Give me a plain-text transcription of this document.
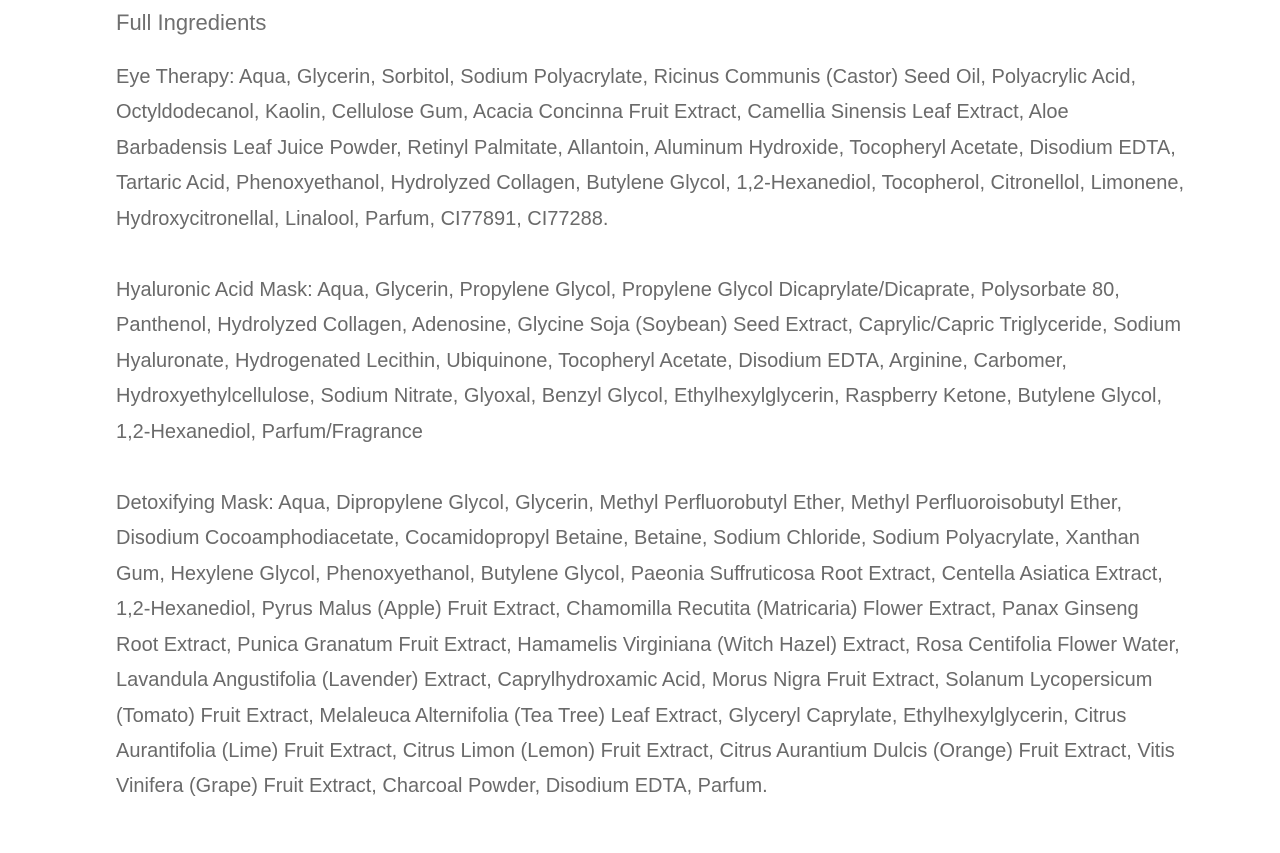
Full Ingredients

Eye Therapy: Aqua, Glycerin, Sorbitol, Sodium Polyacrylate, Ricinus Communis (Castor) Seed Oil, Polyacrylic Acid, Octyldodecanol, Kaolin, Cellulose Gum, Acacia Concinna Fruit Extract, Camellia Sinensis Leaf Extract, Aloe Barbadensis Leaf Juice Powder, Retinyl Palmitate, Allantoin, Aluminum Hydroxide, Tocopheryl Acetate, Disodium EDTA, Tartaric Acid, Phenoxyethanol, Hydrolyzed Collagen, Butylene Glycol, 1,2-Hexanediol, Tocopherol, Citronellol, Limonene, Hydroxycitronellal, Linalool, Parfum, CI77891, CI77288.

Hyaluronic Acid Mask: Aqua, Glycerin, Propylene Glycol, Propylene Glycol Dicaprylate/Dicaprate, Polysorbate 80, Panthenol, Hydrolyzed Collagen, Adenosine, Glycine Soja (Soybean) Seed Extract, Caprylic/Capric Triglyceride, Sodium Hyaluronate, Hydrogenated Lecithin, Ubiquinone, Tocopheryl Acetate, Disodium EDTA, Arginine, Carbomer, Hydroxyethylcellulose, Sodium Nitrate, Glyoxal, Benzyl Glycol, Ethylhexylglycerin, Raspberry Ketone, Butylene Glycol, 1,2-Hexanediol, Parfum/Fragrance

Detoxifying Mask: Aqua, Dipropylene Glycol, Glycerin, Methyl Perfluorobutyl Ether, Methyl Perfluoroisobutyl Ether, Disodium Cocoamphodiacetate, Cocamidopropyl Betaine, Betaine, Sodium Chloride, Sodium Polyacrylate, Xanthan Gum, Hexylene Glycol, Phenoxyethanol, Butylene Glycol, Paeonia Suffruticosa Root Extract, Centella Asiatica Extract, 1,2-Hexanediol, Pyrus Malus (Apple) Fruit Extract, Chamomilla Recutita (Matricaria) Flower Extract, Panax Ginseng Root Extract, Punica Granatum Fruit Extract, Hamamelis Virginiana (Witch Hazel) Extract, Rosa Centifolia Flower Water, Lavandula Angustifolia (Lavender) Extract, Caprylhydroxamic Acid, Morus Nigra Fruit Extract, Solanum Lycopersicum (Tomato) Fruit Extract, Melaleuca Alternifolia (Tea Tree) Leaf Extract, Glyceryl Caprylate, Ethylhexylglycerin, Citrus Aurantifolia (Lime) Fruit Extract, Citrus Limon (Lemon) Fruit Extract, Citrus Aurantium Dulcis (Orange) Fruit Extract, Vitis Vinifera (Grape) Fruit Extract, Charcoal Powder, Disodium EDTA, Parfum.
